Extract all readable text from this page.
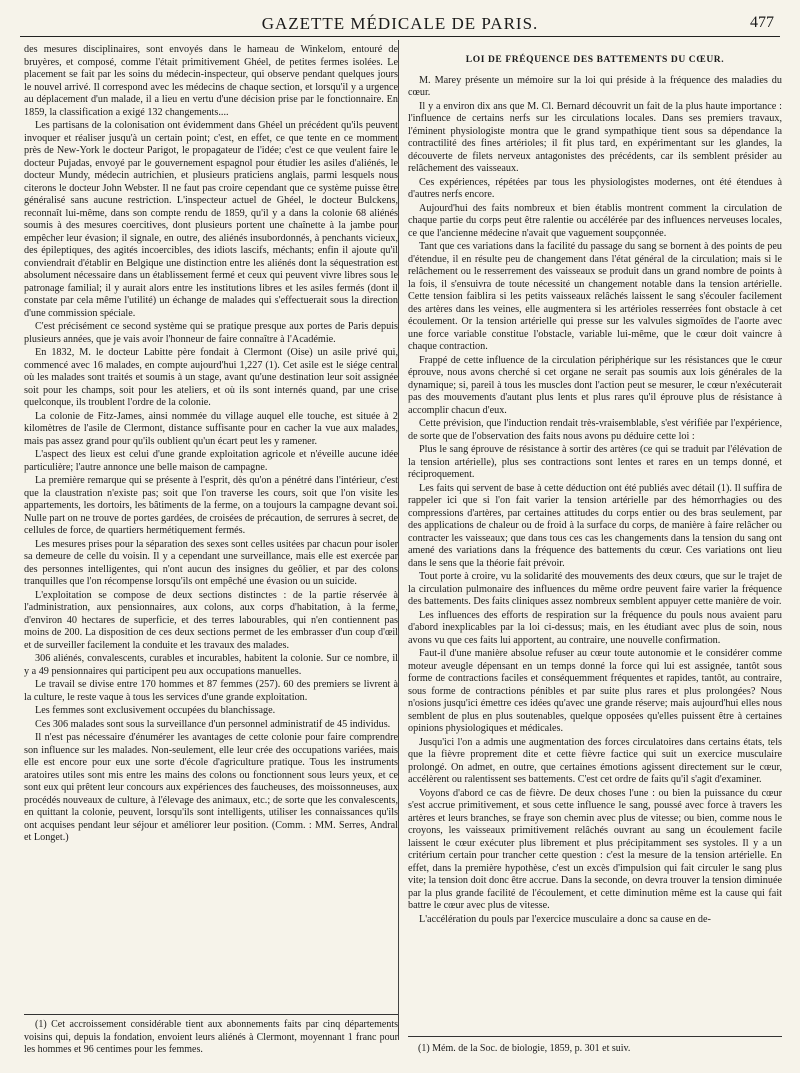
GAZETTE MÉDICALE DE PARIS.	477

des mesures disciplinaires, sont envoyés dans le hameau de Winkelom, entouré de bruyères, et composé, comme l'était primitivement Ghéel, de petites fermes isolées. Le placement se fait par les soins du médecin-inspecteur, qui observe pendant quelques jours le nouvel arrivé. Il correspond avec les médecins de chaque section, et lorsqu'il y a urgence au déplacement d'un malade, il a lieu en vertu d'une décision prise par le fonctionnaire. En 1859, la classification a exigé 132 changements....

Les partisans de la colonisation ont évidemment dans Ghéel un précédent qu'ils peuvent invoquer et réaliser jusqu'à un certain point; c'est, en effet, ce que tente en ce momment près de New-York le docteur Parigot, le propagateur de l'idée; c'est ce que veulent faire le docteur Pujadas, envoyé par le gouvernement espagnol pour étudier les asiles d'aliénés, le docteur Mundy, médecin autrichien, et plusieurs praticiens anglais, parmi lesquels nous citerons le docteur John Webster. Il ne faut pas croire cependant que ce système puisse être généralisé sans aucune restriction. L'inspecteur actuel de Ghéel, le docteur Bulckens, reconnaît lui-même, dans son compte rendu de 1859, qu'il y a dans la colonie 68 aliénés soumis à des mesures coercitives, dont plusieurs portent une chaînette à la jambe pour empêcher leur évasion; il signale, en outre, des aliénés insubordonnés, à penchants vicieux, des épileptiques, des agités incoercibles, des idiots lascifs, méchants; enfin il ajoute qu'il conviendrait d'établir en Belgique une distinction entre les aliénés dont la séquestration est absolument nécessaire dans un établissement fermé et ceux qui peuvent vivre libres sous le patronage familial; il y aurait alors entre les institutions libres et les asiles fermés (dont il constate par cela même l'utilité) un échange de malades qui s'effectuerait sous la direction d'une commission spéciale.

C'est précisément ce second système qui se pratique presque aux portes de Paris depuis plusieurs années, que je vais avoir l'honneur de faire connaître à l'Académie.

En 1832, M. le docteur Labitte père fondait à Clermont (Oise) un asile privé qui, commencé avec 16 malades, en compte aujourd'hui 1,227 (1). Cet asile est le siége central où les malades sont traités et soumis à un stage, avant qu'une destination leur soit assignée soit pour les champs, soit pour les ateliers, et où ils sont internés quand, par une crise quelconque, ils troublent l'ordre de la colonie.

La colonie de Fitz-James, ainsi nommée du village auquel elle touche, est située à 2 kilomètres de l'asile de Clermont, distance suffisante pour en cacher la vue aux malades, mais pas assez grand pour qu'ils oublient qu'un écart peut les y ramener.

L'aspect des lieux est celui d'une grande exploitation agricole et n'éveille aucune idée particulière; l'autre annonce une belle maison de campagne.

La première remarque qui se présente à l'esprit, dès qu'on a pénétré dans l'intérieur, c'est que la claustration n'existe pas; soit que l'on traverse les cours, soit que l'on visite les appartements, les dortoirs, les bâtiments de la ferme, on a toujours la campagne devant soi. Nulle part on ne trouve de portes gardées, de croisées de précaution, de serrures à secret, de cellules de force, de quartiers hermétiquement fermés.

Les mesures prises pour la séparation des sexes sont celles usitées par chacun pour isoler sa demeure de celle du voisin. Il y a cependant une surveillance, mais elle est exercée par des personnes intelligentes, qui n'ont aucun des insignes du geôlier, et par des colons tranquilles que l'on récompense lorsqu'ils ont empêché une évasion ou un suicide.

L'exploitation se compose de deux sections distinctes : de la partie réservée à l'administration, aux pensionnaires, aux colons, aux corps d'habitation, à la ferme, d'environ 40 hectares de superficie, et des terres labourables, qui n'en contiennent pas moins de 200. La disposition de ces deux sections permet de les embrasser d'un coup d'œil et de surveiller facilement la conduite et les travaux des malades.

306 aliénés, convalescents, curables et incurables, habitent la colonie. Sur ce nombre, il y a 49 pensionnaires qui participent peu aux occupations manuelles.

Le travail se divise entre 170 hommes et 87 femmes (257). 60 des premiers se livrent à la culture, le reste vaque à tous les services d'une grande exploitation.

Les femmes sont exclusivement occupées du blanchissage.

Ces 306 malades sont sous la surveillance d'un personnel administratif de 45 individus.

Il n'est pas nécessaire d'énumérer les avantages de cette colonie pour faire comprendre son influence sur les malades. Non-seulement, elle leur crée des occupations variées, mais elle est encore pour eux une sorte d'école d'agriculture pratique. Tous les instruments aratoires utiles sont mis entre les mains des colons ou fonctionnent sous leurs yeux, et ce sont eux qui prêtent leur concours aux expériences des faucheuses, des moissonneuses, aux procédés nouveaux de culture, à l'élevage des animaux, etc.; de sorte que les convalescents, en quittant la colonie, peuvent, lorsqu'ils sont intelligents, utiliser les connaissances qu'ils ont acquises pendant leur séjour et améliorer leur position. (Comm. : MM. Serres, Andral et Longet.)

LOI DE FRÉQUENCE DES BATTEMENTS DU CŒUR.

M. Marey présente un mémoire sur la loi qui préside à la fréquence des maladies du cœur.

Il y a environ dix ans que M. Cl. Bernard découvrit un fait de la plus haute importance : l'influence de certains nerfs sur les circulations locales. Dans ses premiers travaux, l'éminent physiologiste montra que le grand sympathique tient sous sa dépendance la contractilité des fines artérioles; il fit plus tard, en expérimentant sur les glandes, la découverte de filets nerveux antagonistes des précédents, car ils semblent présider au relâchement des vaisseaux.

Ces expériences, répétées par tous les physiologistes modernes, ont été étendues à d'autres nerfs encore.

Aujourd'hui des faits nombreux et bien établis montrent comment la circulation de chaque partie du corps peut être ralentie ou accélérée par des influences nerveuses locales, ce que l'ancienne médecine n'avait que vaguement soupçonnée.

Tant que ces variations dans la facilité du passage du sang se bornent à des points de peu d'étendue, il en résulte peu de changement dans l'état général de la circulation; mais si le relâchement ou le resserrement des vaisseaux se produit dans un grand nombre de points à la fois, il s'ensuivra de toute nécessité un changement notable dans la tension artérielle. Cette tension faiblira si les petits vaisseaux relâchés laissent le sang s'écouler facilement des artères dans les veines, elle augmentera si les artérioles resserrées font obstacle à cet écoulement. Or la tension artérielle qui presse sur les valvules sigmoïdes de l'aorte avec une force variable constitue l'obstacle, variable lui-même, que le cœur doit vaincre à chaque contraction.

Frappé de cette influence de la circulation périphérique sur les résistances que le cœur éprouve, nous avons cherché si cet organe ne serait pas soumis aux lois générales de la dynamique; si, pareil à tous les muscles dont l'action peut se mesurer, le cœur n'exécuterait pas des mouvements d'autant plus lents et plus rares qu'il éprouve plus de résistance à accomplir chacun d'eux.

Cette prévision, que l'induction rendait très-vraisemblable, s'est vérifiée par l'expérience, de sorte que de l'observation des faits nous avons pu déduire cette loi :

Plus le sang éprouve de résistance à sortir des artères (ce qui se traduit par l'élévation de la tension artérielle), plus ses contractions sont lentes et rares en un temps donné, et réciproquement.

Les faits qui servent de base à cette déduction ont été publiés avec détail (1). Il suffira de rappeler ici que si l'on fait varier la tension artérielle par des hémorrhagies ou des compressions d'artères, par certaines attitudes du corps entier ou des bras seulement, par des applications de chaleur ou de froid à la surface du corps, de manière à faire relâcher ou contracter les vaisseaux; que dans tous ces cas les changements dans la tension du sang ont amené des variations dans la fréquence des battements du cœur. Ces variations ont lieu dans le sens que la théorie fait prévoir.

Tout porte à croire, vu la solidarité des mouvements des deux cœurs, que sur le trajet de la circulation pulmonaire des influences du même ordre peuvent faire varier la fréquence des battements. Des faits cliniques assez nombreux semblent appuyer cette manière de voir.

Les influences des efforts de respiration sur la fréquence du pouls nous avaient paru d'abord inexplicables par la loi ci-dessus; mais, en les étudiant avec plus de soin, nous avons vu que ces faits lui apportent, au contraire, une nouvelle confirmation.

Faut-il d'une manière absolue refuser au cœur toute autonomie et le considérer comme moteur aveugle dépensant en un temps donné la force qui lui est assignée, tantôt sous forme de contractions faciles et conséquemment fréquentes et rapides, tantôt, au contraire, sous forme de contractions pénibles et par suite plus rares et plus prolongées? Nous n'osions jusqu'ici émettre ces idées qu'avec une grande réserve; mais aujourd'hui elles nous semblent de plus en plus soutenables, quelque opposées qu'elles puissent être à certaines opinions physiologiques et médicales.

Jusqu'ici l'on a admis une augmentation des forces circulatoires dans certains états, tels que la fièvre proprement dite et cette fièvre factice qui suit un exercice musculaire prolongé. On admet, en outre, que certaines émotions agissent directement sur le cœur, accélèrent ou ralentissent ses battements. C'est cet ordre de faits qu'il s'agit d'examiner.

Voyons d'abord ce cas de fièvre. De deux choses l'une : ou bien la puissance du cœur s'est accrue primitivement, et sous cette influence le sang, poussé avec force à travers les artères et leurs branches, se fraye son chemin avec plus de vitesse; ou bien, comme nous le croyons, les vaisseaux primitivement relâchés ouvrant au sang un écoulement facile laissent le cœur exécuter plus librement et plus précipitamment ses systoles. Il y a un critérium certain pour trancher cette question : c'est la mesure de la tension artérielle. En effet, dans la première hypothèse, c'est un excès d'impulsion qui fait circuler le sang plus vite; la tension doit donc être accrue. Dans la seconde, on devra trouver la tension diminuée par la plus grande facilité de l'écoulement, et cette diminution même est la cause qui fait battre le cœur avec plus de vitesse.

L'accélération du pouls par l'exercice musculaire a donc sa cause en de-

(1) Cet accroissement considérable tient aux abonnements faits par cinq départements voisins qui, depuis la fondation, envoient leurs aliénés à Clermont, moyennant 1 franc pour les hommes et 96 centimes pour les femmes.	(1) Mém. de la Soc. de biologie, 1859, p. 301 et suiv.
